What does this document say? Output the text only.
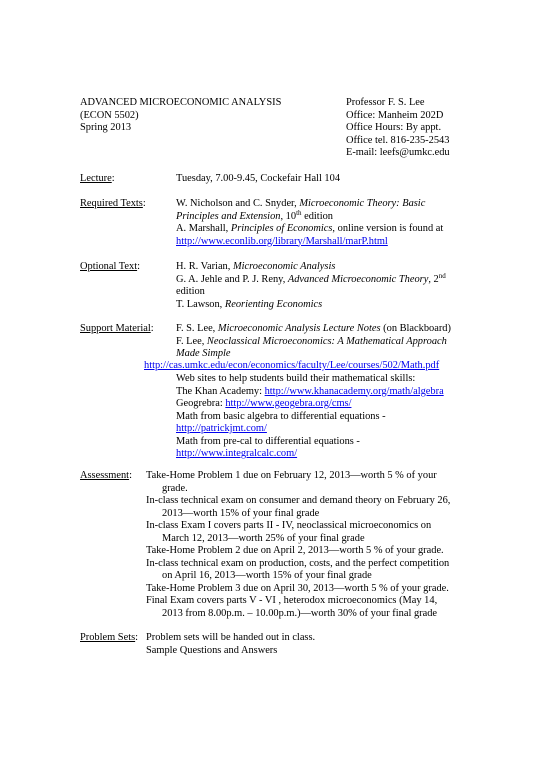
ADVANCED MICROECONOMIC ANALYSIS
(ECON 5502)
Spring 2013
Professor F. S. Lee
Office: Manheim 202D
Office Hours: By appt.
Office tel. 816-235-2543
E-mail: leefs@umkc.edu
Lecture:	Tuesday, 7.00-9.45, Cockefair Hall 104
Required Texts:	W. Nicholson and C. Snyder, Microeconomic Theory: Basic
Principles and Extension, 10th edition
A. Marshall, Principles of Economics, online version is found at
http://www.econlib.org/library/Marshall/marP.html
Optional Text:	H. R. Varian, Microeconomic Analysis
G. A. Jehle and P. J. Reny, Advanced Microeconomic Theory, 2nd
edition
T. Lawson, Reorienting Economics
Support Material: F. S. Lee, Microeconomic Analysis Lecture Notes (on Blackboard)
F. Lee, Neoclassical Microeconomics: A Mathematical Approach
Made Simple
http://cas.umkc.edu/econ/economics/faculty/Lee/courses/502/Math.pdf
Web sites to help students build their mathematical skills:
The Khan Academy: http://www.khanacademy.org/math/algebra
Geogrebra: http://www.geogebra.org/cms/
Math from basic algebra to differential equations -
http://patrickjmt.com/
Math from pre-cal to differential equations -
http://www.integralcalc.com/
Assessment: Take-Home Problem 1 due on February 12, 2013—worth 5 % of your
grade.
In-class technical exam on consumer and demand theory on February 26,
2013—worth 15% of your final grade
In-class Exam I covers parts II - IV, neoclassical microeconomics on
March 12, 2013—worth 25% of your final grade
Take-Home Problem 2 due on April 2, 2013—worth 5 % of your grade.
In-class technical exam on production, costs, and the perfect competition
on April 16, 2013—worth 15% of your final grade
Take-Home Problem 3 due on April 30, 2013—worth 5 % of your grade.
Final Exam covers parts V - VI , heterodox microeconomics (May 14,
2013 from 8.00p.m. – 10.00p.m.)—worth 30% of your final grade
Problem Sets: Problem sets will be handed out in class.
Sample Questions and Answers
